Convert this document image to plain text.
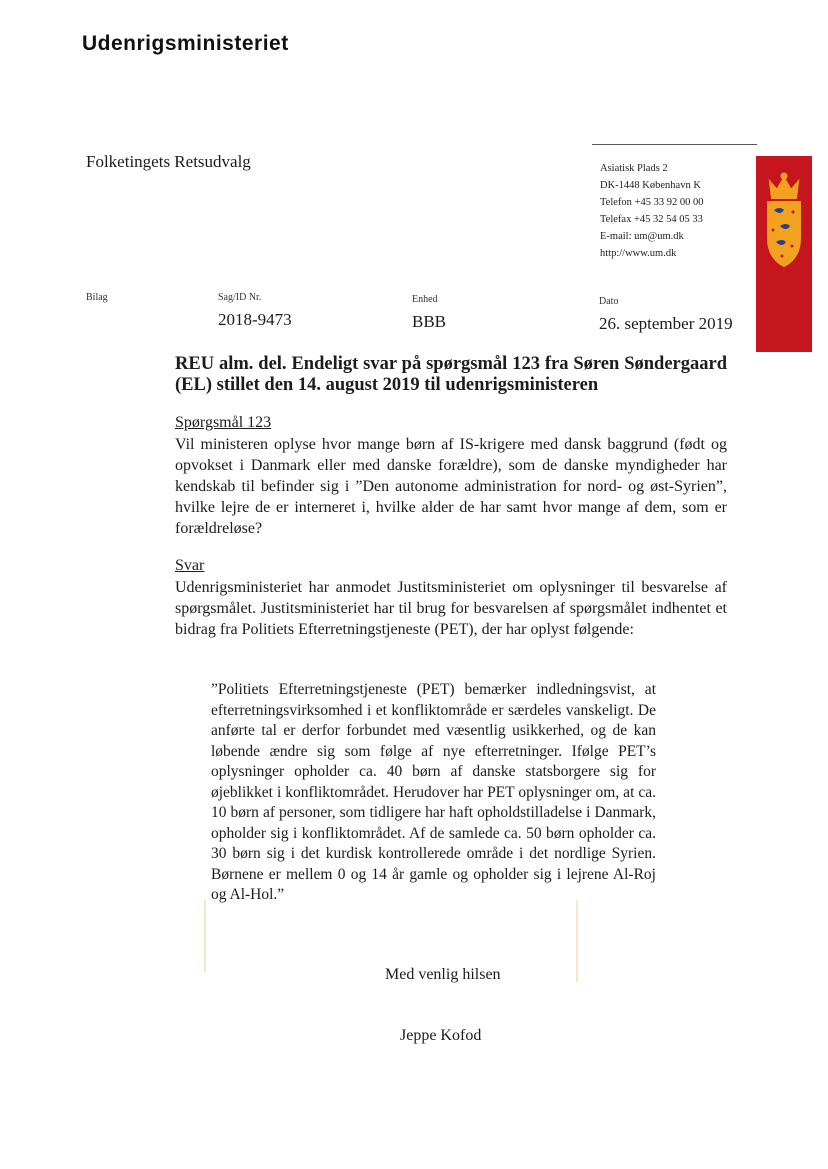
Udenrigsministeriet
Folketingets Retsudvalg	Asiatisk Plads 2
DK-1448 København K
Telefon +45 33 92 00 00
Telefax +45 32 54 05 33
E-mail: um@um.dk
http://www.um.dk
Bilag	Sag/ID Nr.
2018-9473
Enhed
BBB
Dato
26. september 2019
REU alm. del. Endeligt svar på spørgsmål 123 fra Søren Søndergaard (EL) stillet den 14. august 2019 til udenrigsministeren
Spørgsmål 123
Vil ministeren oplyse hvor mange børn af IS-krigere med dansk baggrund (født og opvokset i Danmark eller med danske forældre), som de danske myndigheder har kendskab til befinder sig i ”Den autonome administration for nord- og øst-Syrien”, hvilke lejre de er interneret i, hvilke alder de har samt hvor mange af dem, som er forældreløse?
Svar
Udenrigsministeriet har anmodet Justitsministeriet om oplysninger til besvarelse af spørgsmålet. Justitsministeriet har til brug for besvarelsen af spørgsmålet indhentet et bidrag fra Politiets Efterretningstjeneste (PET), der har oplyst følgende:
”Politiets Efterretningstjeneste (PET) bemærker indledningsvist, at efterretningsvirksomhed i et konfliktområde er særdeles vanskeligt. De anførte tal er derfor forbundet med væsentlig usikkerhed, og de kan løbende ændre sig som følge af nye efterretninger. Ifølge PET’s oplysninger opholder ca. 40 børn af danske statsborgere sig for øjeblikket i konfliktområdet. Herudover har PET oplysninger om, at ca. 10 børn af personer, som tidligere har haft opholdstilladelse i Danmark, opholder sig i konfliktområdet. Af de samlede ca. 50 børn opholder ca. 30 børn sig i det kurdisk kontrollerede område i det nordlige Syrien. Børnene er mellem 0 og 14 år gamle og opholder sig i lejrene Al-Roj og Al-Hol.”
Med venlig hilsen
Jeppe Kofod
